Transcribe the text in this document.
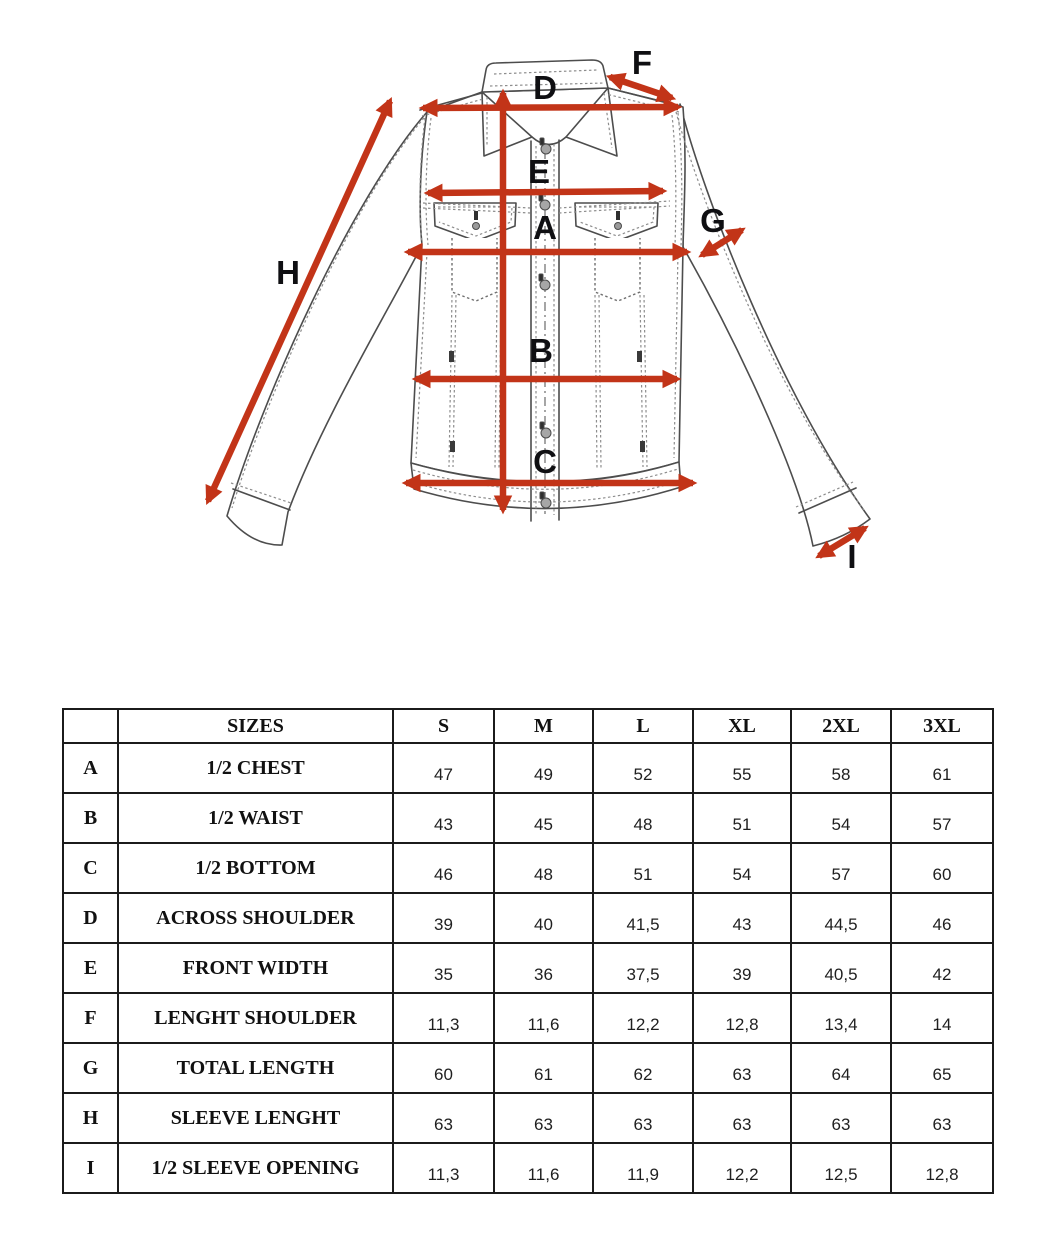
D
F
E
A	G
B
C
H
I
	SIZES	S	M	L	XL	2XL	3XL
A	1/2 CHEST	47	49	52	55	58	61
B	1/2 WAIST	43	45	48	51	54	57
C	1/2 BOTTOM	46	48	51	54	57	60
D	ACROSS SHOULDER	39	40	41,5	43	44,5	46
E	FRONT WIDTH	35	36	37,5	39	40,5	42
F	LENGHT SHOULDER	11,3	11,6	12,2	12,8	13,4	14
G	TOTAL LENGTH	60	61	62	63	64	65
H	SLEEVE LENGHT	63	63	63	63	63	63
I	1/2 SLEEVE OPENING	11,3	11,6	11,9	12,2	12,5	12,8
